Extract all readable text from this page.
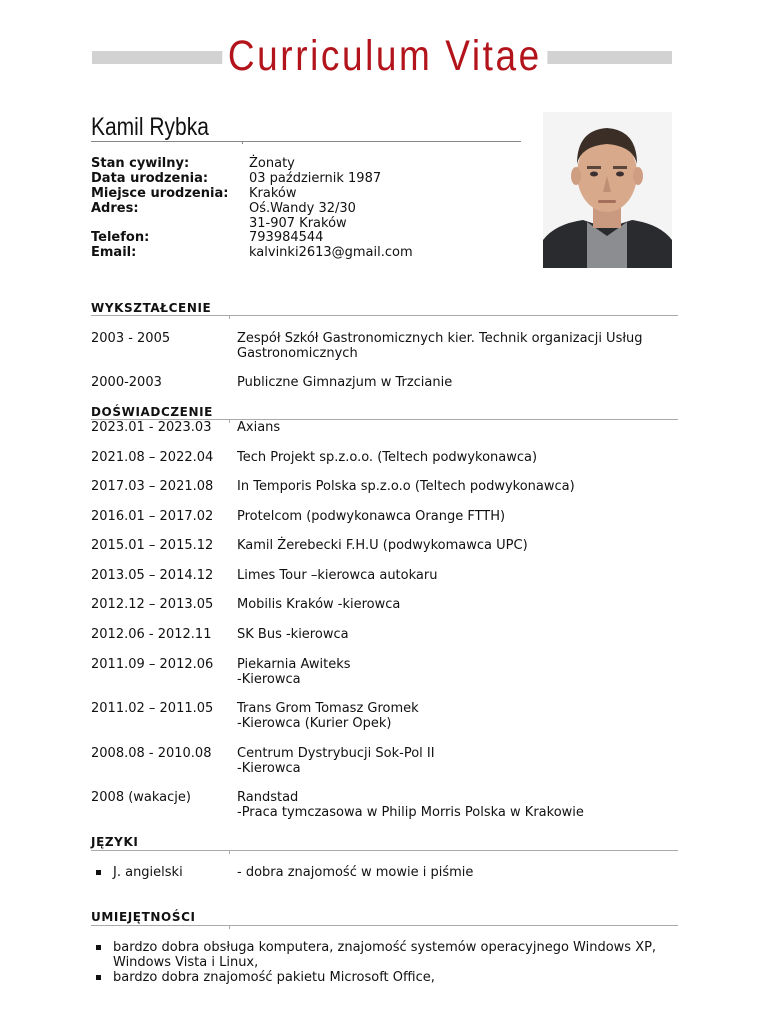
Curriculum Vitae
Kamil Rybka
Stan cywilny:	Żonaty
Data urodzenia:	03 październik 1987
Miejsce urodzenia: Kraków
Adres:	Oś.Wandy 32/30
31-907 Kraków
Telefon:	793984544
Email:	kalvinki2613@gmail.com
WYKSZTAŁCENIE
2003 - 2005	Zespół Szkół Gastronomicznych kier. Technik organizacji Usług
Gastronomicznych
2000-2003	Publiczne Gimnazjum w Trzcianie
DOŚWIADCZENIE
2023.01 - 2023.03 Axians
2021.08 – 2022.04 Tech Projekt sp.z.o.o. (Teltech podwykonawca)
2017.03 – 2021.08 In Temporis Polska sp.z.o.o (Teltech podwykonawca)
2016.01 – 2017.02 Protelcom (podwykonawca Orange FTTH)
2015.01 – 2015.12 Kamil Żerebecki F.H.U (podwykomawca UPC)
2013.05 – 2014.12 Limes Tour –kierowca autokaru
2012.12 – 2013.05 Mobilis Kraków -kierowca
2012.06 - 2012.11 SK Bus -kierowca
2011.09 – 2012.06 Piekarnia Awiteks
-Kierowca
2011.02 – 2011.05 Trans Grom Tomasz Gromek
-Kierowca (Kurier Opek)
2008.08 - 2010.08 Centrum Dystrybucji Sok-Pol II
-Kierowca
2008 (wakacje)	Randstad
-Praca tymczasowa w Philip Morris Polska w Krakowie
JĘZYKI
J. angielski	- dobra znajomość w mowie i piśmie
UMIEJĘTNOŚCI
bardzo dobra obsługa komputera, znajomość systemów operacyjnego Windows XP, Windows Vista i Linux,
bardzo dobra znajomość pakietu Microsoft Office,
